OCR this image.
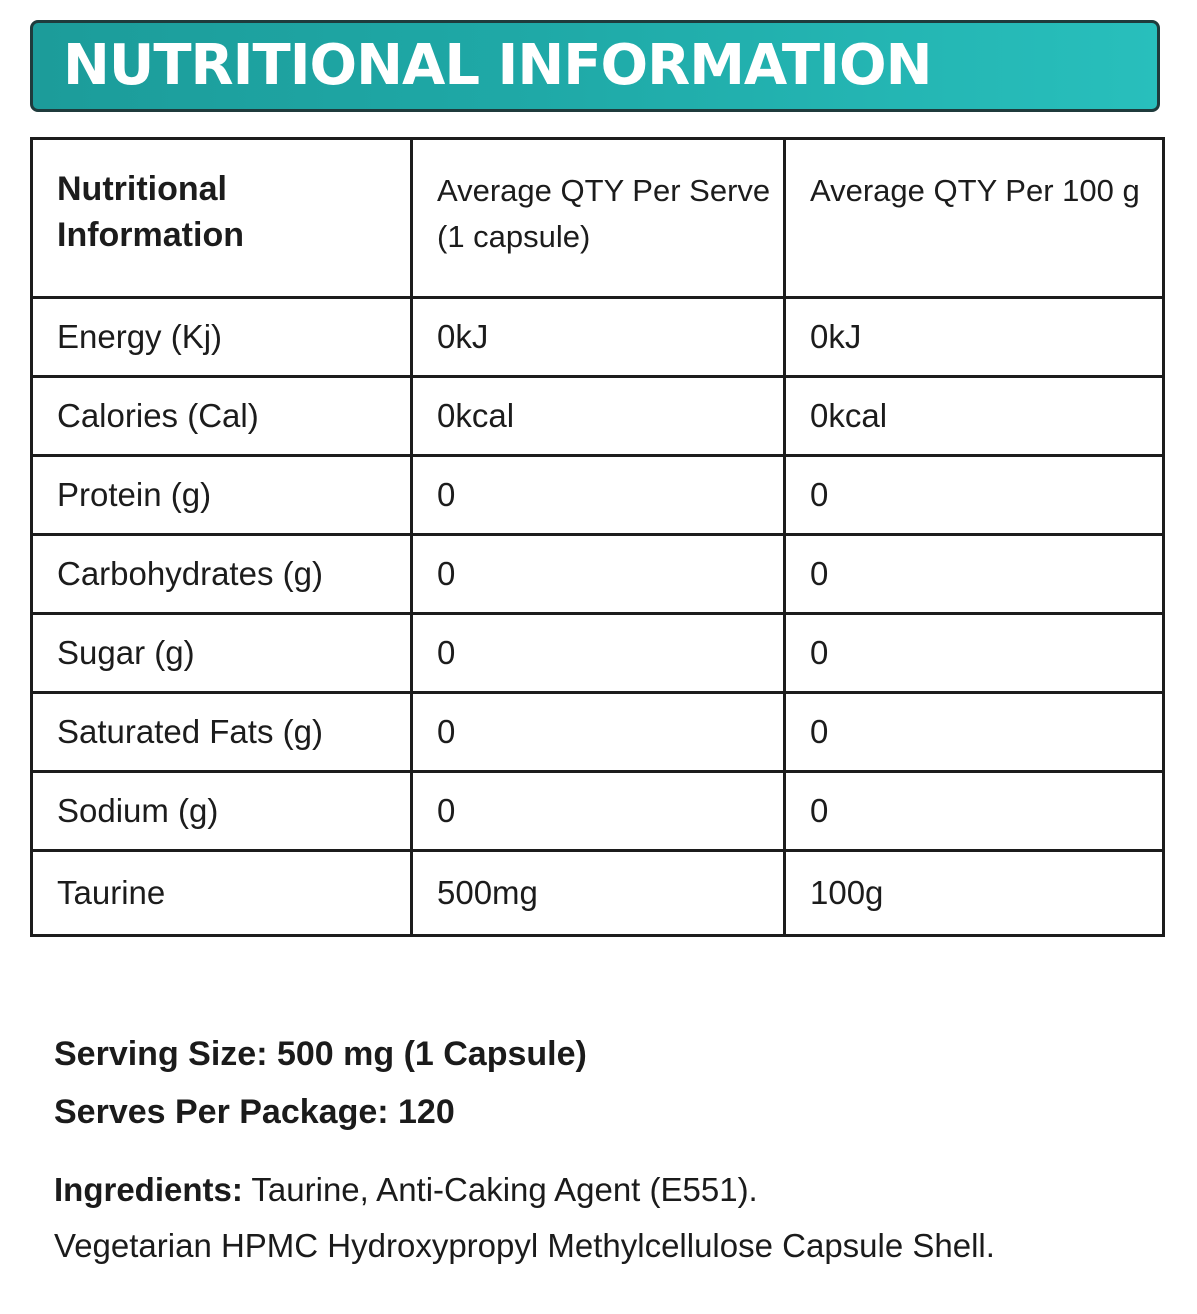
NUTRITIONAL INFORMATION
Nutritional Information	Average QTY Per Serve (1 capsule)	Average QTY Per 100 g
Energy (Kj)	0kJ	0kJ
Calories (Cal)	0kcal	0kcal
Protein (g)	0	0
Carbohydrates (g)	0	0
Sugar (g)	0	0
Saturated Fats (g)	0	0
Sodium (g)	0	0
Taurine	500mg	100g
Serving Size: 500 mg (1 Capsule)
Serves Per Package: 120
Ingredients: Taurine, Anti-Caking Agent (E551).
Vegetarian HPMC Hydroxypropyl Methylcellulose Capsule Shell.
